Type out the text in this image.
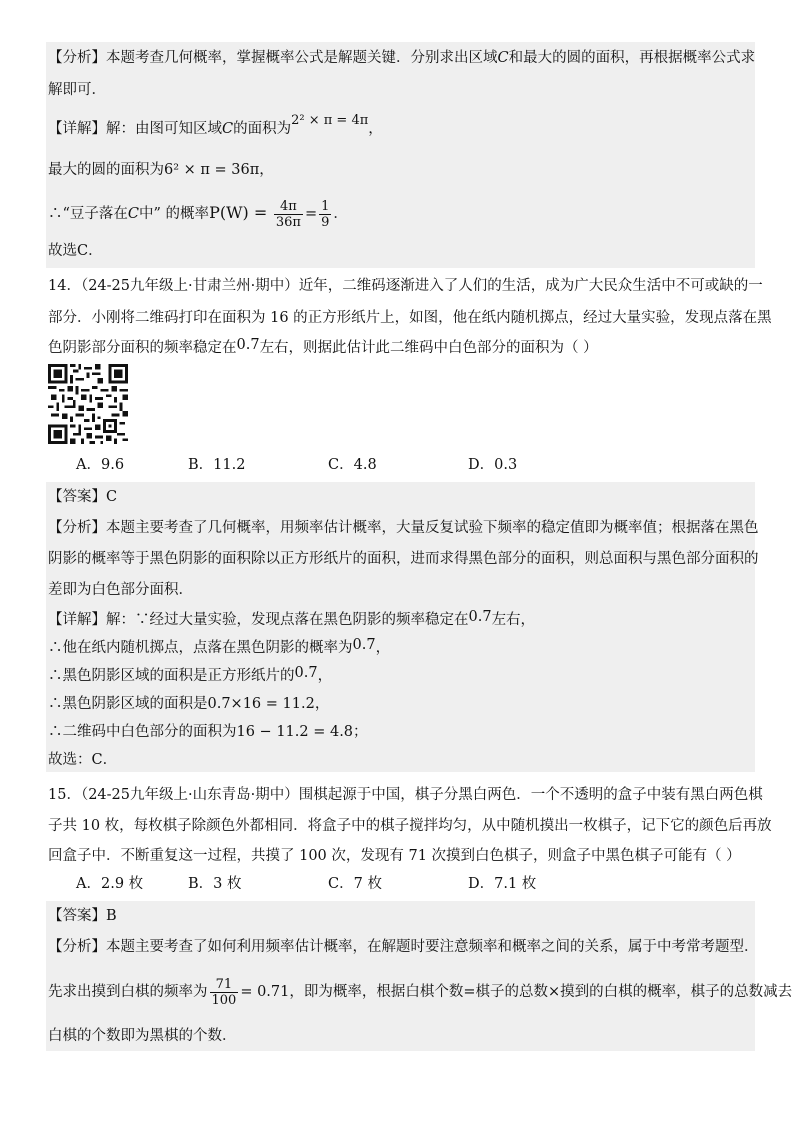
【分析】本题考查几何概率，掌握概率公式是解题关键．分别求出区域C和最大的圆的面积，再根据概率公式求
解即可．
【详解】解：由图可知区域C的面积为2² × π = 4π，
最大的圆的面积为6² × π = 36π，
∴“豆子落在C中” 的概率$P(W) = \frac{4\pi}{36\pi} = \frac{1}{9}$ ．
故选C．
14．（24-25九年级上·甘肃兰州·期中）近年，二维码逐渐进入了人们的生活，成为广大民众生活中不可或缺的一
部分．小刚将二维码打印在面积为 16 的正方形纸片上，如图，他在纸内随机掷点，经过大量实验，发现点落在黑
色阴影部分面积的频率稳定在0.7左右，则据此估计此二维码中白色部分的面积为（ ）
A．9.6	B．11.2	C．4.8	D．0.3
【答案】C
【分析】本题主要考查了几何概率，用频率估计概率，大量反复试验下频率的稳定值即为概率值；根据落在黑色
阴影的概率等于黑色阴影的面积除以正方形纸片的面积，进而求得黑色部分的面积，则总面积与黑色部分面积的
差即为白色部分面积．
【详解】解：∵经过大量实验，发现点落在黑色阴影的频率稳定在0.7左右，
∴他在纸内随机掷点，点落在黑色阴影的概率为0.7，
∴黑色阴影区域的面积是正方形纸片的0.7，
∴黑色阴影区域的面积是0.7×16 = 11.2，
∴二维码中白色部分的面积为16 − 11.2 = 4.8；
故选：C．
15．（24-25九年级上·山东青岛·期中）围棋起源于中国，棋子分黑白两色．一个不透明的盒子中装有黑白两色棋
子共 10 枚，每枚棋子除颜色外都相同．将盒子中的棋子搅拌均匀，从中随机摸出一枚棋子，记下它的颜色后再放
回盒子中．不断重复这一过程，共摸了 100 次，发现有 71 次摸到白色棋子，则盒子中黑色棋子可能有（ ）
A．2.9 枚	B．3 枚	C．7 枚	D．7.1 枚
【答案】B
【分析】本题主要考查了如何利用频率估计概率，在解题时要注意频率和概率之间的关系，属于中考常考题型．
先求出摸到白棋的频率为 $\frac{71}{100} = 0.71$，即为概率，根据白棋个数=棋子的总数×摸到的白棋的概率，棋子的总数减去
白棋的个数即为黑棋的个数．
